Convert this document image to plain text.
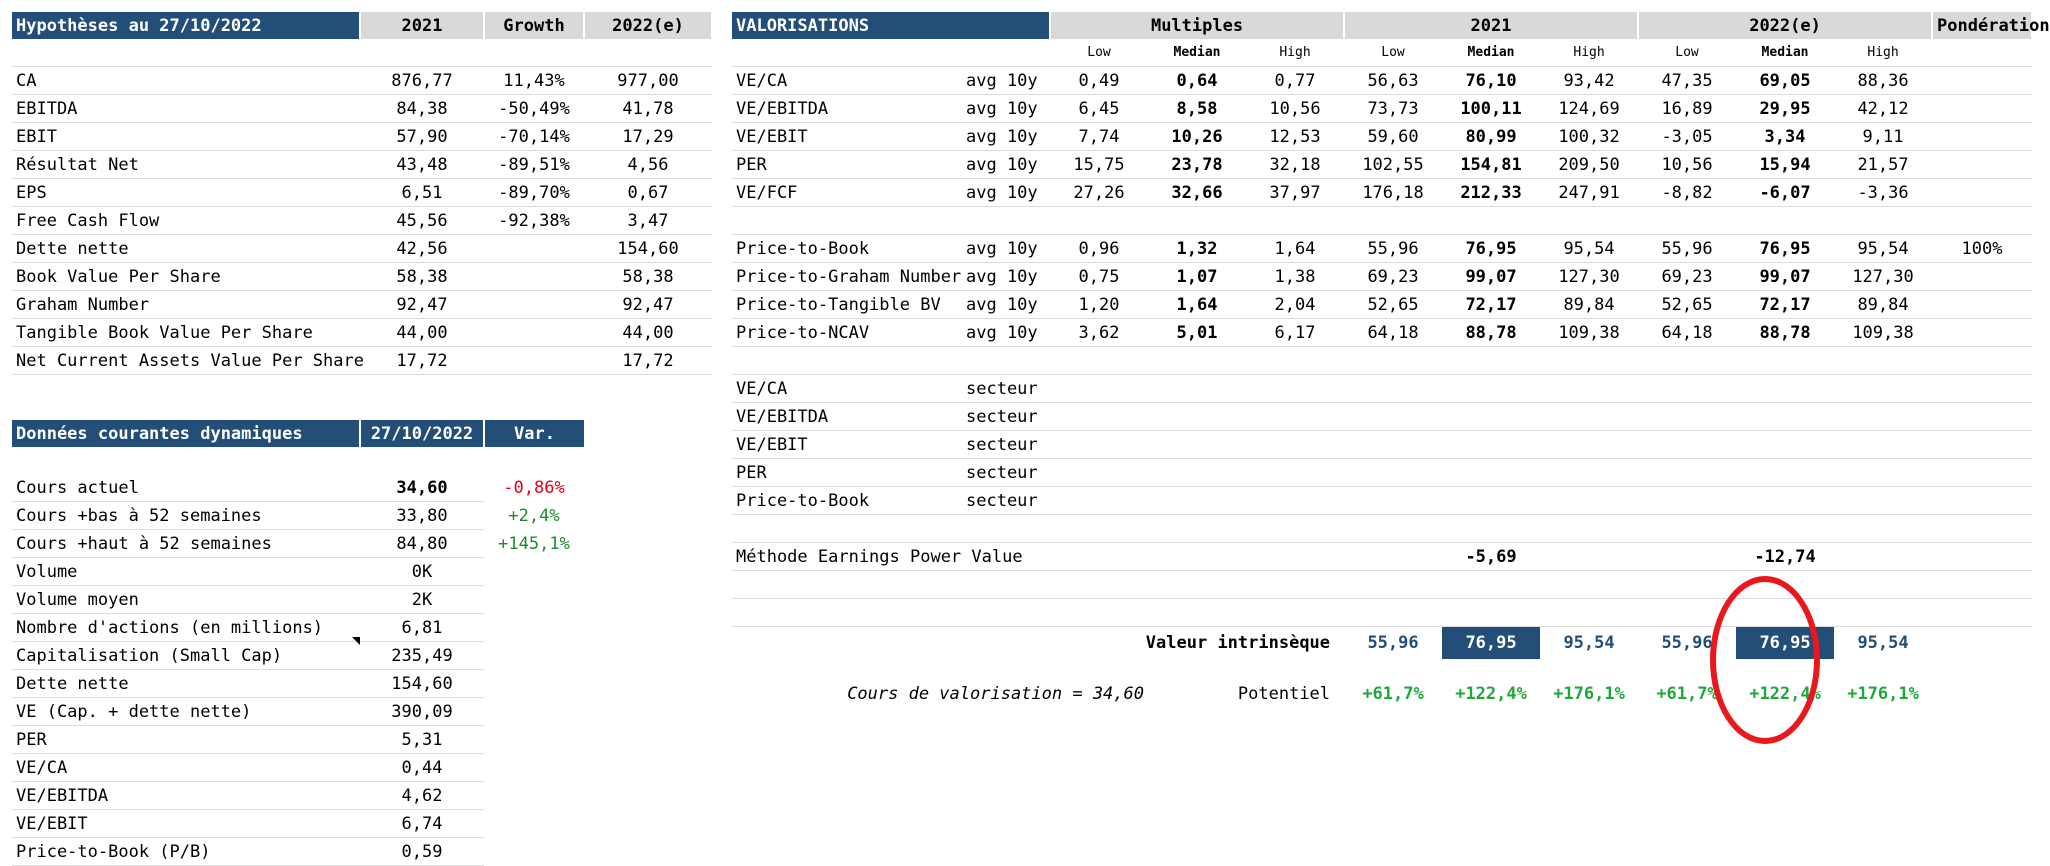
Hypothèses au 27/10/2022	2021	Growth	2022(e)

CA	876,77	11,43%	977,00
EBITDA	84,38	-50,49%	41,78
EBIT	57,90	-70,14%	17,29
Résultat Net	43,48	-89,51%	4,56
EPS	6,51	-89,70%	0,67
Free Cash Flow	45,56	-92,38%	3,47
Dette nette	42,56		154,60
Book Value Per Share	58,38		58,38
Graham Number	92,47		92,47
Tangible Book Value Per Share	44,00		44,00
Net Current Assets Value Per Share	17,72		17,72
Données courantes dynamiques	27/10/2022	Var.

Cours actuel	34,60	-0,86%
Cours +bas à 52 semaines	33,80	+2,4%
Cours +haut à 52 semaines	84,80	+145,1%
Volume	0K	
Volume moyen	2K	
Nombre d'actions (en millions)	6,81	
Capitalisation (Small Cap)	235,49	
Dette nette	154,60	
VE (Cap. + dette nette)	390,09	
PER	5,31	
VE/CA	0,44	
VE/EBITDA	4,62	
VE/EBIT	6,74	
Price-to-Book (P/B)	0,59	
VALORISATIONS		Multiples			2021			2022(e)			Pondération
		Low	Median	High	Low	Median	High	Low	Median	High	
VE/CA	avg 10y	0,49	0,64	0,77	56,63	76,10	93,42	47,35	69,05	88,36	
VE/EBITDA	avg 10y	6,45	8,58	10,56	73,73	100,11	124,69	16,89	29,95	42,12	
VE/EBIT	avg 10y	7,74	10,26	12,53	59,60	80,99	100,32	-3,05	3,34	9,11	
PER	avg 10y	15,75	23,78	32,18	102,55	154,81	209,50	10,56	15,94	21,57	
VE/FCF	avg 10y	27,26	32,66	37,97	176,18	212,33	247,91	-8,82	-6,07	-3,36	

Price-to-Book	avg 10y	0,96	1,32	1,64	55,96	76,95	95,54	55,96	76,95	95,54	100%
Price-to-Graham Number	avg 10y	0,75	1,07	1,38	69,23	99,07	127,30	69,23	99,07	127,30	
Price-to-Tangible BV	avg 10y	1,20	1,64	2,04	52,65	72,17	89,84	52,65	72,17	89,84	
Price-to-NCAV	avg 10y	3,62	5,01	6,17	64,18	88,78	109,38	64,18	88,78	109,38	

VE/CA	secteur										
VE/EBITDA	secteur										
VE/EBIT	secteur										
PER	secteur										
Price-to-Book	secteur										

Méthode Earnings Power Value						-5,69			-12,74		

Valeur intrinsèque					55,96	76,95	95,54	55,96	76,95	95,54	

Cours de valorisation = 34,60			Potentiel		+61,7%	+122,4%	+176,1%	+61,7%	+122,4%	+176,1%	
